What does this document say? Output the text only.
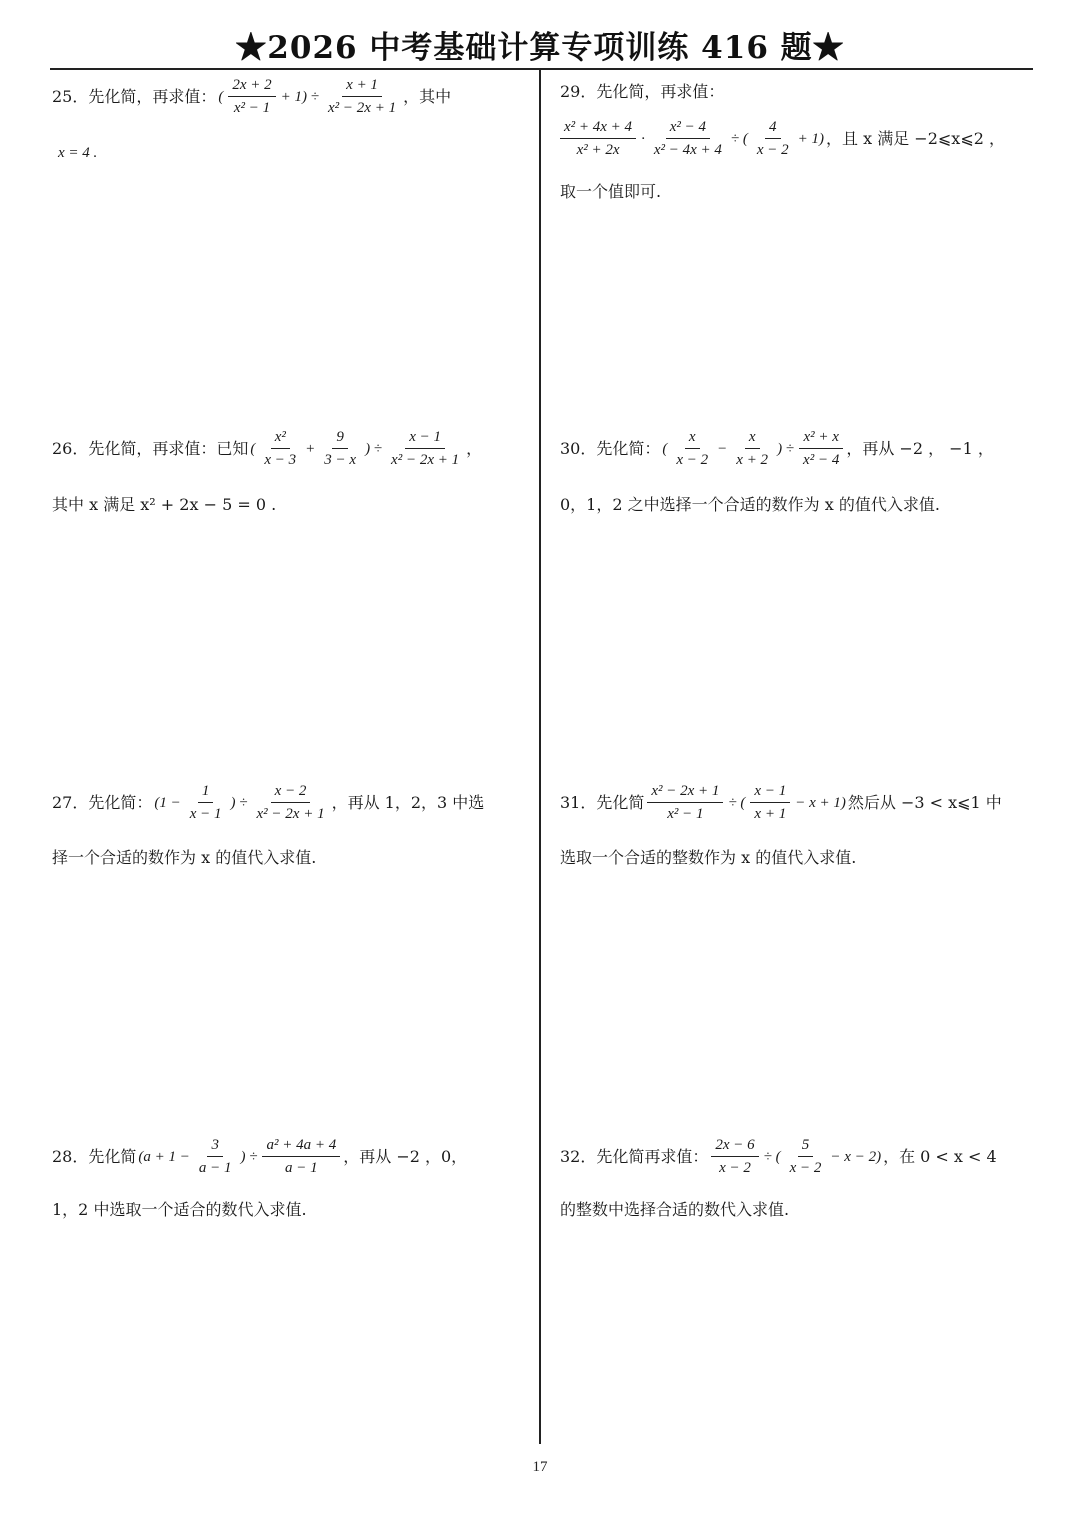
★2026 中考基础计算专项训练 416 题★
25．先化简，再求值： ( $\frac{2x + 2}{\text{x² − 1}} + 1) \div \frac{x + 1}{\text{x² − 2x + 1}}$ ，其中
x = 4 .
26．先化简，再求值：已知 ( $\frac{\text{x²}}{x - 3} + \frac{9}{3 - x}$ ) ÷ $\frac{x - 1}{\text{x² − 2x + 1}}$ ，
其中 x 满足 x² + 2x − 5 = 0 .
27．先化简： ($1 - \frac{1}{x - 1}$ ) ÷ $\frac{x - 2}{\text{x² − 2x + 1}}$ ，再从 1，2，3 中选
择一个合适的数作为 x 的值代入求值.
28．先化简 ($a + 1 - \frac{3}{a - 1}$ ) ÷ $\frac{\text{a² + 4a + 4}}{a - 1}$ ，再从 −2 ，0，
1，2 中选取一个适合的数代入求值.
29．先化简，再求值：
$\frac{\text{x² + 4x + 4}}{\text{x² + 2x}} \cdot \frac{\text{x² − 4}}{\text{x² − 4x + 4}}$ ÷ ( $\frac{4}{x - 2} + 1$) ，且 x 满足 −2⩽x⩽2 ，
取一个值即可.
30．先化简： ( $\frac{x}{x - 2} - \frac{x}{x + 2}$ ) ÷ $\frac{\text{x² + x}}{\text{x² − 4}}$ ，再从 −2 ， −1 ，
0，1，2 之中选择一个合适的数作为 x 的值代入求值.
31．先化简 $\frac{\text{x² − 2x + 1}}{\text{x² − 1}}$ ÷ ( $\frac{x - 1}{x + 1} - x + 1$) 然后从 −3 < x⩽1 中
选取一个合适的整数作为 x 的值代入求值.
32．先化简再求值： $\frac{2x - 6}{x - 2}$ ÷ ( $\frac{5}{x - 2} - x - 2$) ，在 0 < x < 4
的整数中选择合适的数代入求值.
17
